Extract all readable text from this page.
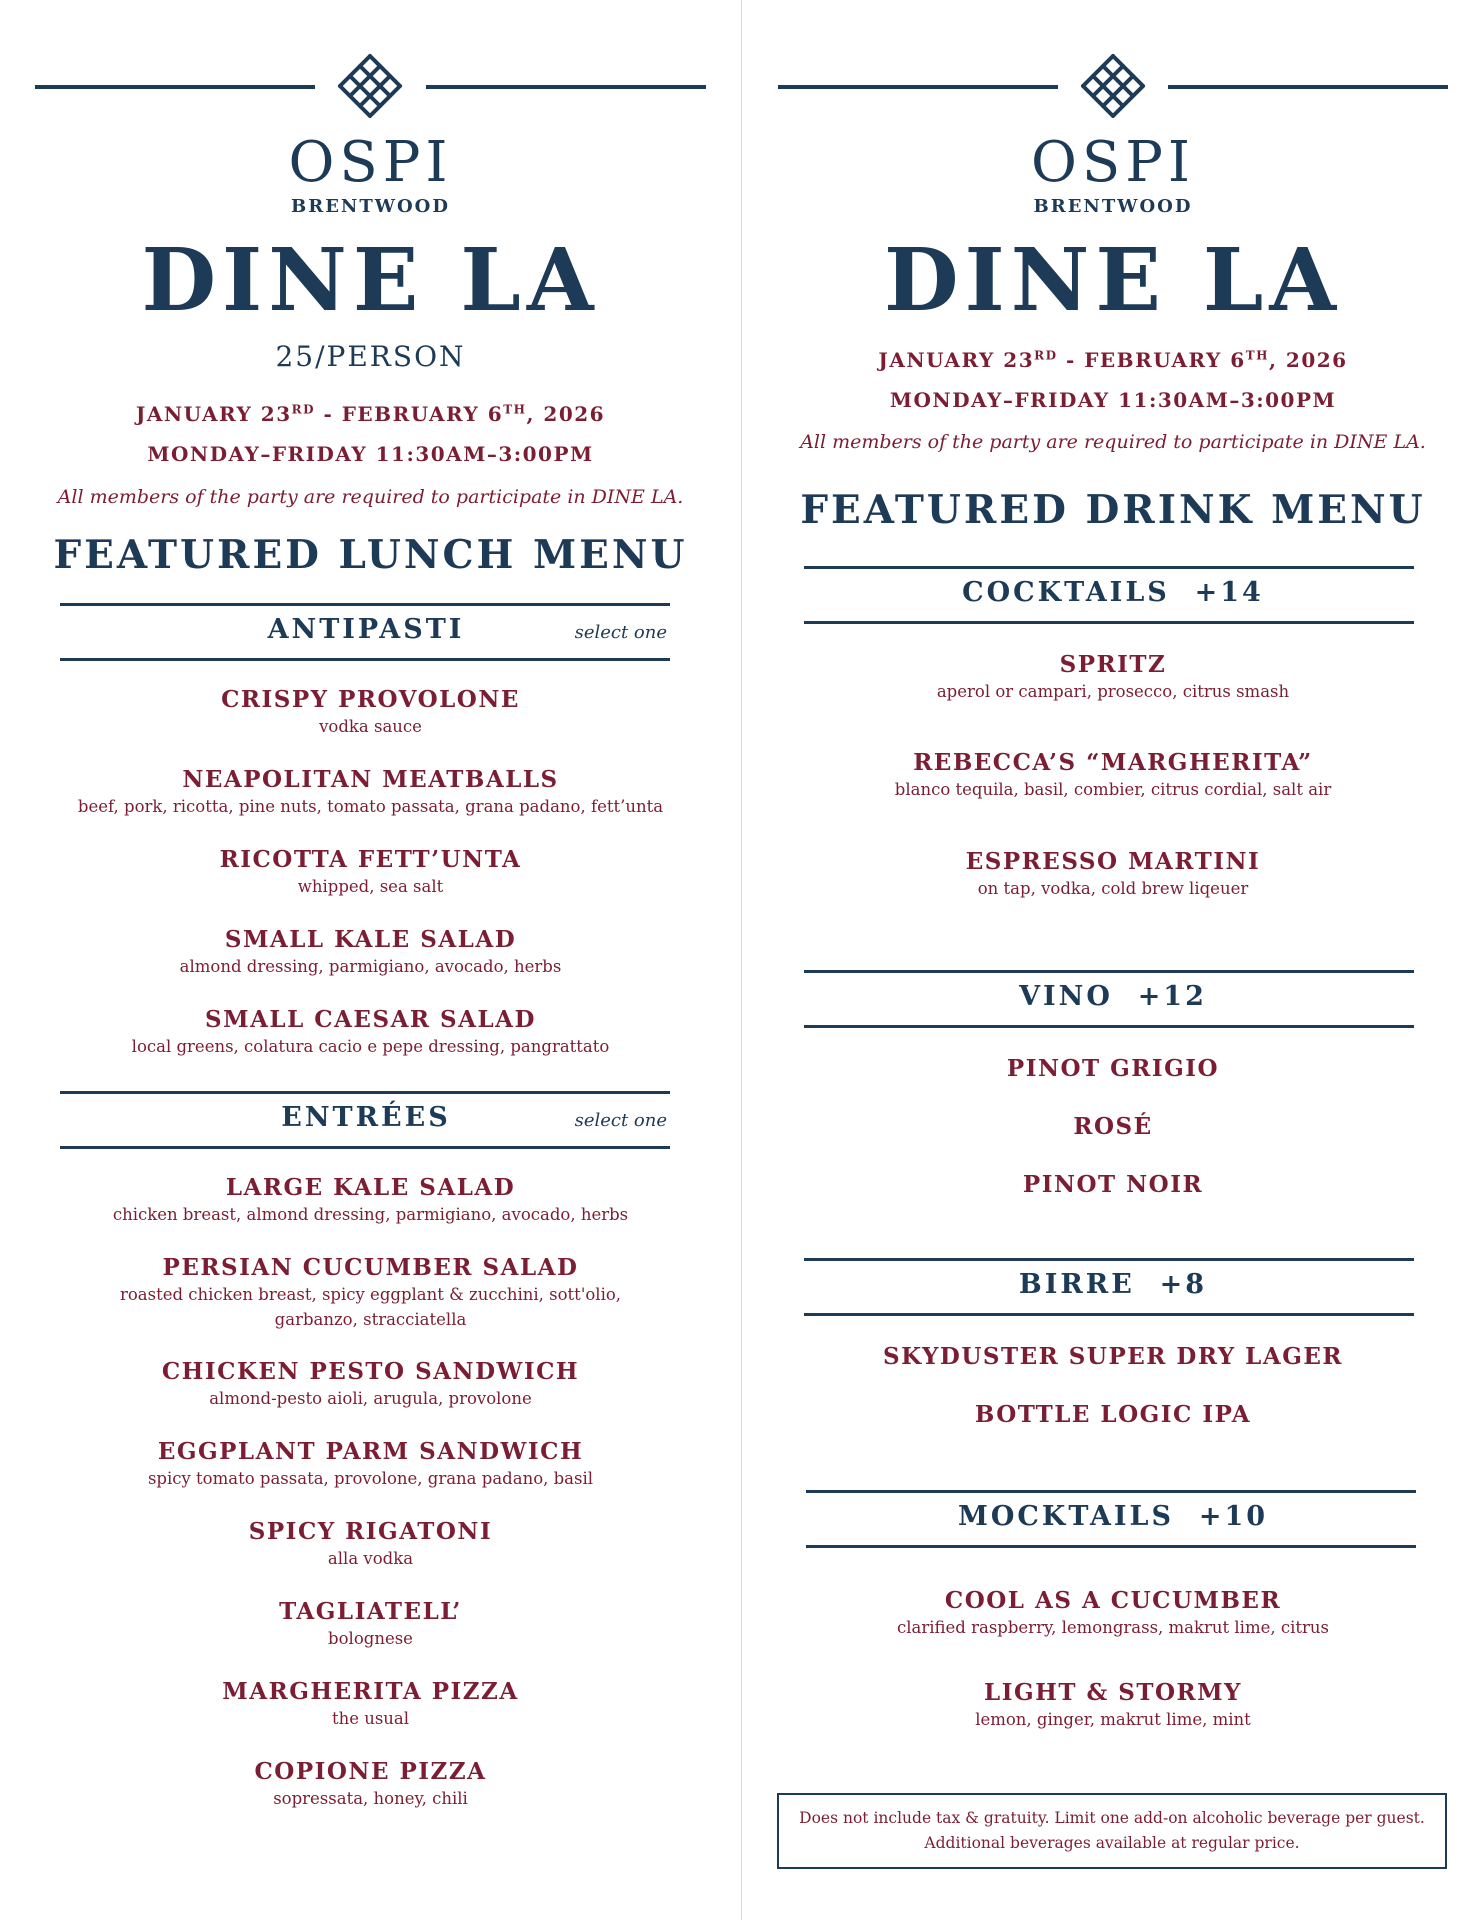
OSPI
BRENTWOOD
DINE LA
25/PERSON
JANUARY 23RD - FEBRUARY 6TH, 2026
MONDAY–FRIDAY 11:30AM–3:00PM
All members of the party are required to participate in DINE LA.
FEATURED LUNCH MENU
ANTIPASTI	select one
CRISPY PROVOLONE
vodka sauce
NEAPOLITAN MEATBALLS
beef, pork, ricotta, pine nuts, tomato passata, grana padano, fett’unta
RICOTTA FETT’UNTA
whipped, sea salt
SMALL KALE SALAD
almond dressing, parmigiano, avocado, herbs
SMALL CAESAR SALAD
local greens, colatura cacio e pepe dressing, pangrattato
ENTRÉES	select one
LARGE KALE SALAD
chicken breast, almond dressing, parmigiano, avocado, herbs
PERSIAN CUCUMBER SALAD
roasted chicken breast, spicy eggplant & zucchini, sott'olio,
garbanzo, stracciatella
CHICKEN PESTO SANDWICH
almond-pesto aioli, arugula, provolone
EGGPLANT PARM SANDWICH
spicy tomato passata, provolone, grana padano, basil
SPICY RIGATONI
alla vodka
TAGLIATELL’
bolognese
MARGHERITA PIZZA
the usual
COPIONE PIZZA
sopressata, honey, chili
OSPI
BRENTWOOD
DINE LA
JANUARY 23RD - FEBRUARY 6TH, 2026
MONDAY–FRIDAY 11:30AM–3:00PM
All members of the party are required to participate in DINE LA.
FEATURED DRINK MENU
COCKTAILS +14
SPRITZ
aperol or campari, prosecco, citrus smash
REBECCA’S “MARGHERITA”
blanco tequila, basil, combier, citrus cordial, salt air
ESPRESSO MARTINI
on tap, vodka, cold brew liqeuer
VINO +12
PINOT GRIGIO
ROSÉ
PINOT NOIR
BIRRE +8
SKYDUSTER SUPER DRY LAGER
BOTTLE LOGIC IPA
MOCKTAILS +10
COOL AS A CUCUMBER
clarified raspberry, lemongrass, makrut lime, citrus
LIGHT & STORMY
lemon, ginger, makrut lime, mint
Does not include tax & gratuity. Limit one add-on alcoholic beverage per guest.
Additional beverages available at regular price.
